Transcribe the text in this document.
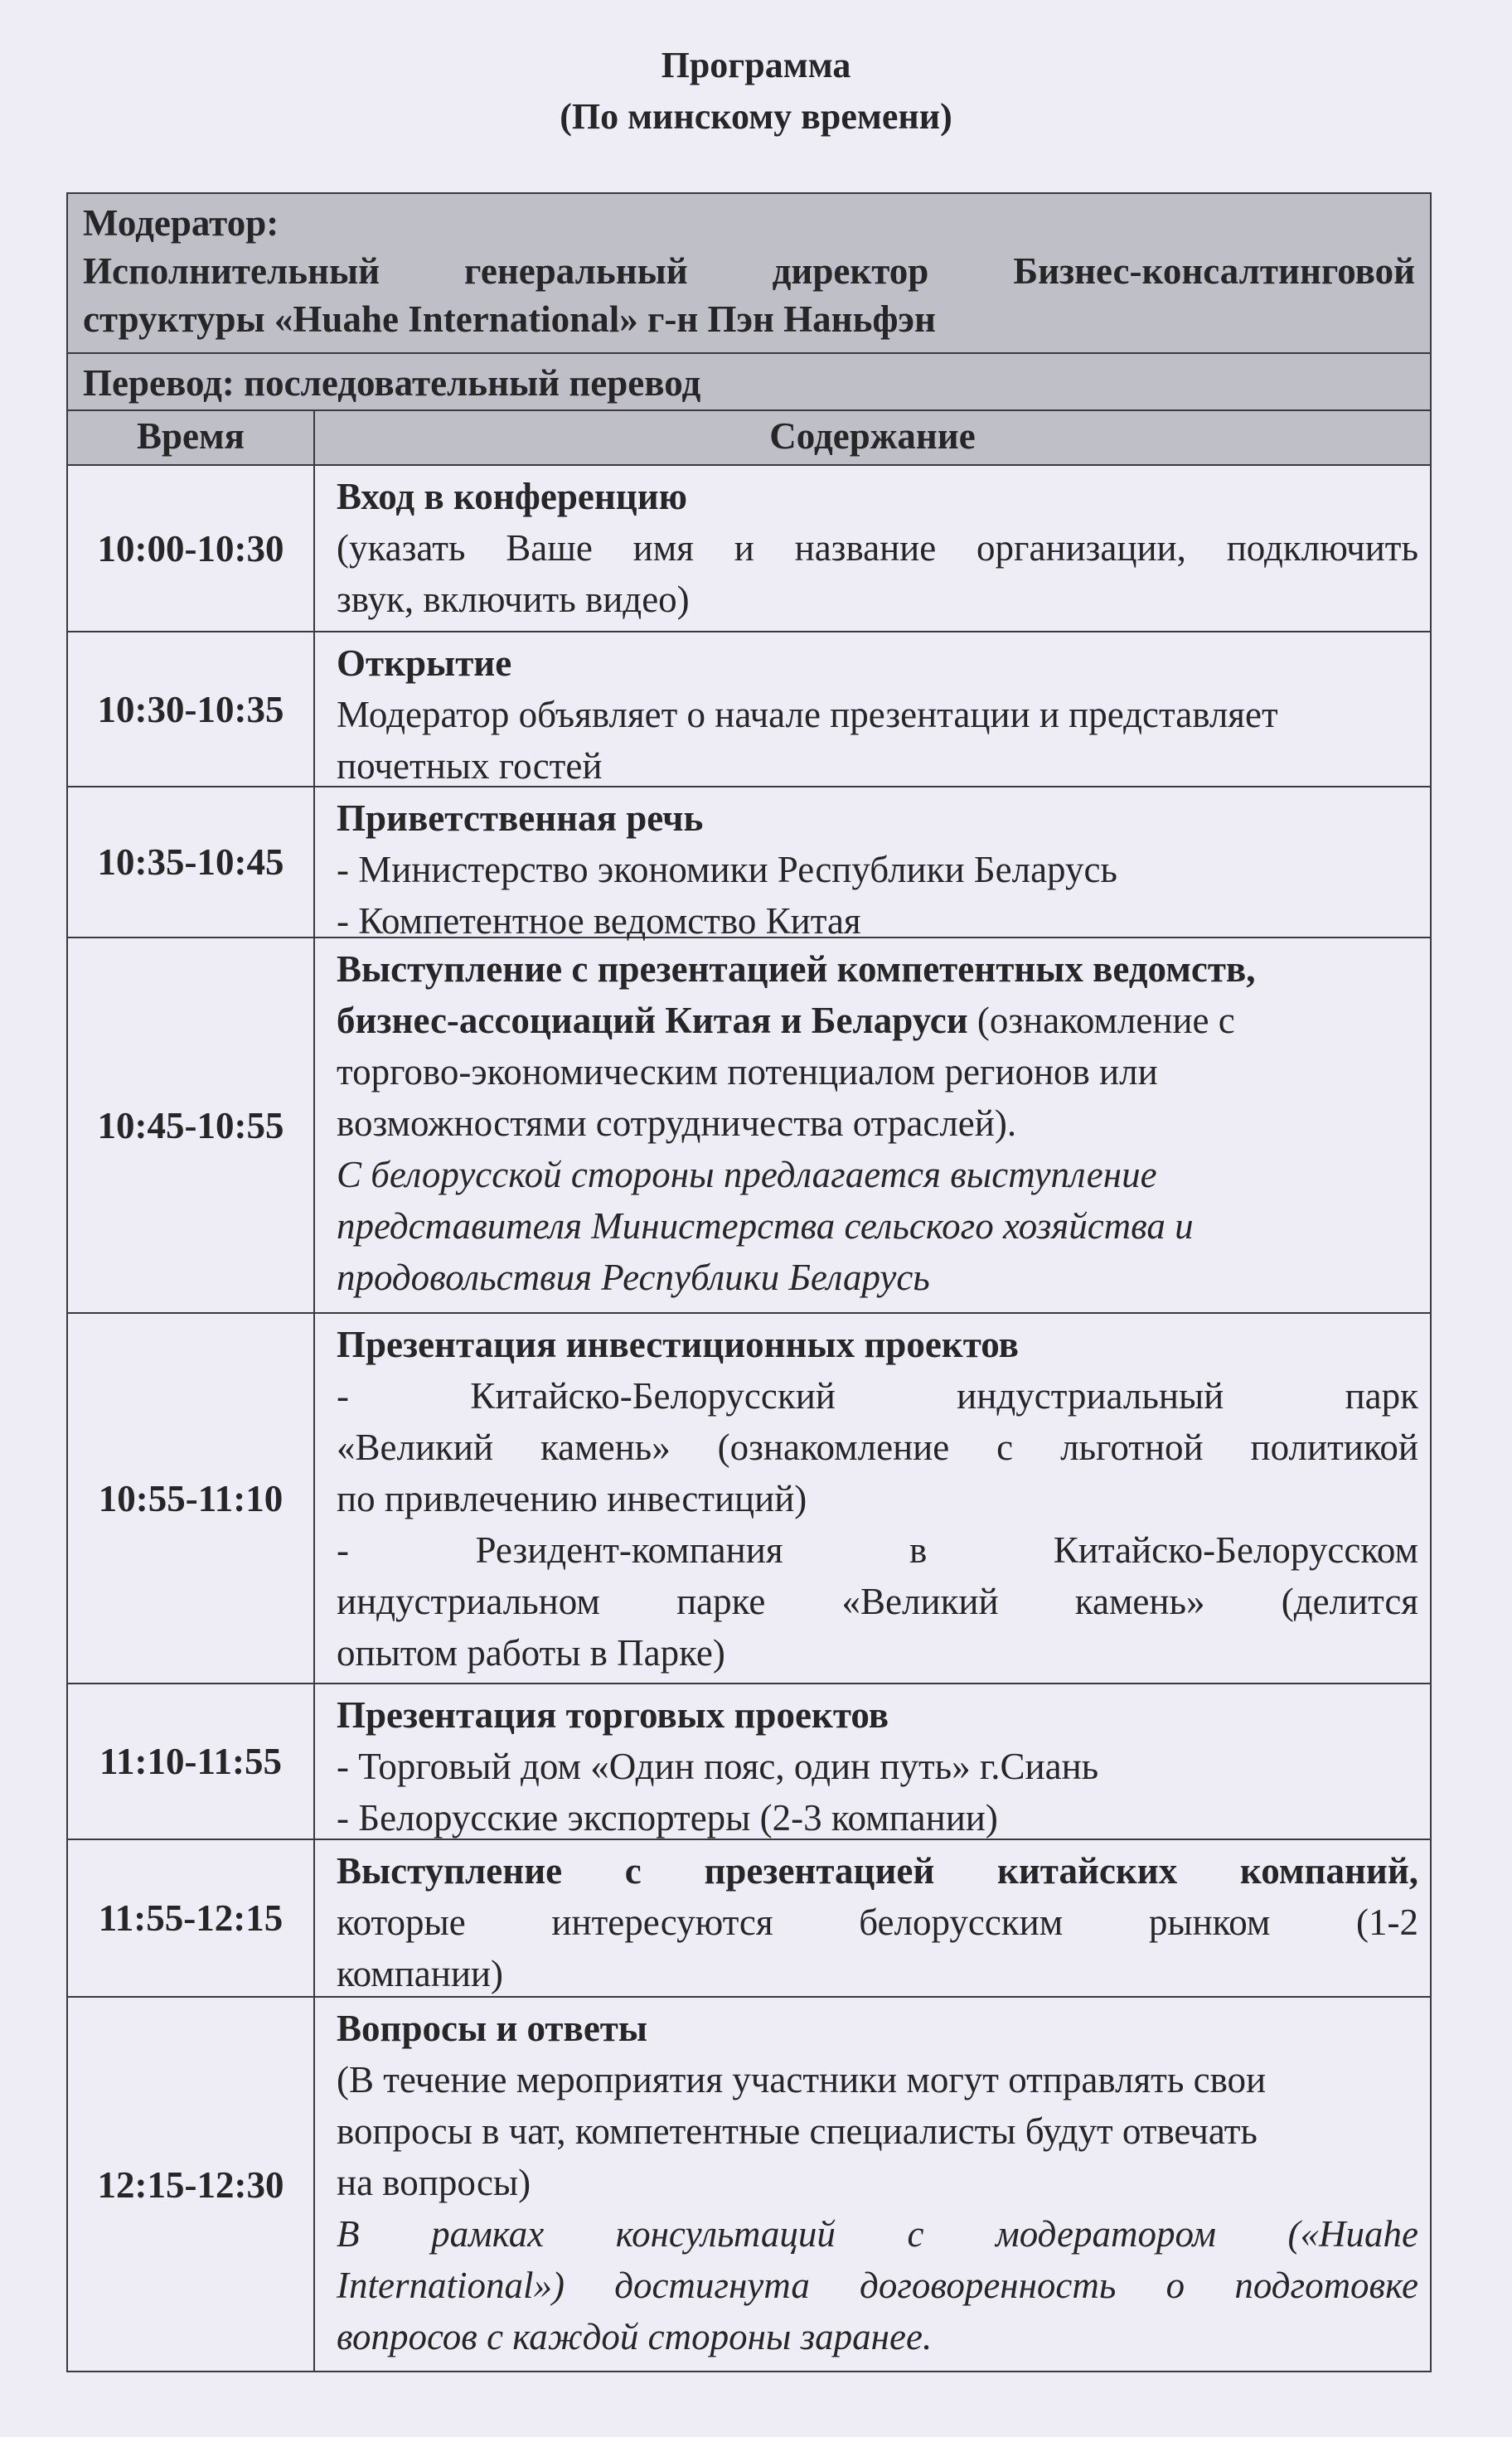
Программа
(По минскому времени)
Модератор:
Исполнительный генеральный директор Бизнес-консалтинговой
структуры «Huahe International» г-н Пэн Наньфэн
Перевод: последовательный перевод
Время	Содержание
10:00-10:30
Вход в конференцию
(указать Ваше имя и название организации, подключить
звук, включить видео)
10:30-10:35
Открытие
Модератор объявляет о начале презентации и представляет
почетных гостей
10:35-10:45
Приветственная речь
- Министерство экономики Республики Беларусь
- Компетентное ведомство Китая
10:45-10:55
Выступление с презентацией компетентных ведомств,
бизнес-ассоциаций Китая и Беларуси (ознакомление с
торгово-экономическим потенциалом регионов или
возможностями сотрудничества отраслей).
С белорусской стороны предлагается выступление
представителя Министерства сельского хозяйства и
продовольствия Республики Беларусь
10:55-11:10
Презентация инвестиционных проектов
- Китайско-Белорусский индустриальный парк
«Великий камень» (ознакомление с льготной политикой
по привлечению инвестиций)
- Резидент-компания в Китайско-Белорусском
индустриальном парке «Великий камень» (делится
опытом работы в Парке)
11:10-11:55
Презентация торговых проектов
- Торговый дом «Один пояс, один путь» г.Сиань
- Белорусские экспортеры (2-3 компании)
11:55-12:15
Выступление с презентацией китайских компаний,
которые интересуются белорусским рынком (1-2
компании)
12:15-12:30
Вопросы и ответы
(В течение мероприятия участники могут отправлять свои
вопросы в чат, компетентные специалисты будут отвечать
на вопросы)
В рамках консультаций с модератором («Huahe
International») достигнута договоренность о подготовке
вопросов с каждой стороны заранее.
